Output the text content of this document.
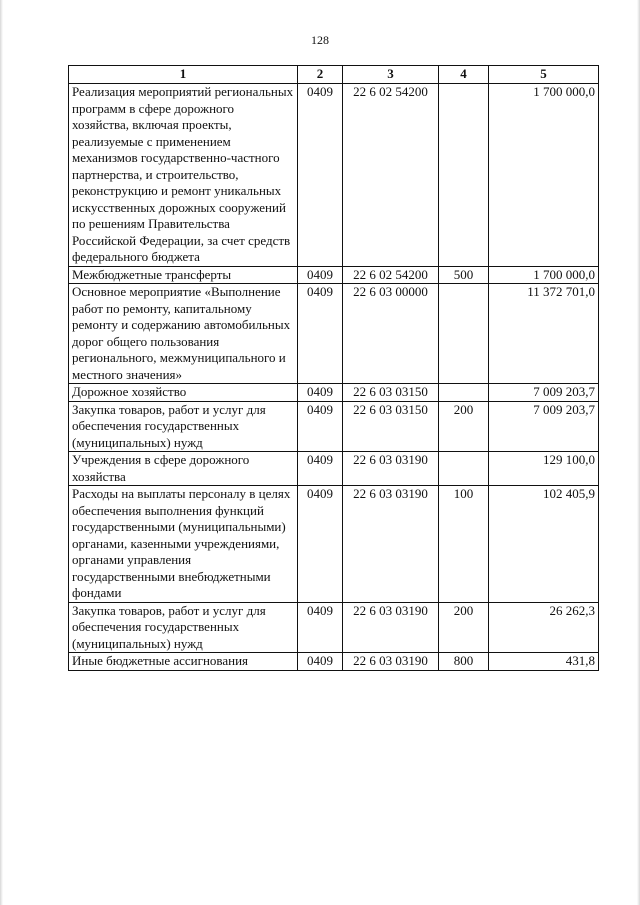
128
1	2	3	4	5
Реализация мероприятий региональных программ в сфере дорожного хозяйства, включая проекты, реализуемые с применением механизмов государственно-частного партнерства, и строительство, реконструкцию и ремонт уникальных искусственных дорожных сооружений по решениям Правительства Российской Федерации, за счет средств федерального бюджета	0409	22 6 02 54200		1 700 000,0
Межбюджетные трансферты	0409	22 6 02 54200	500	1 700 000,0
Основное мероприятие «Выполнение работ по ремонту, капитальному ремонту и содержанию автомобильных дорог общего пользования регионального, межмуниципального и местного значения»	0409	22 6 03 00000		11 372 701,0
Дорожное хозяйство	0409	22 6 03 03150		7 009 203,7
Закупка товаров, работ и услуг для обеспечения государственных (муниципальных) нужд	0409	22 6 03 03150	200	7 009 203,7
Учреждения в сфере дорожного хозяйства	0409	22 6 03 03190		129 100,0
Расходы на выплаты персоналу в целях обеспечения выполнения функций государственными (муниципальными) органами, казенными учреждениями, органами управления государственными внебюджетными фондами	0409	22 6 03 03190	100	102 405,9
Закупка товаров, работ и услуг для обеспечения государственных (муниципальных) нужд	0409	22 6 03 03190	200	26 262,3
Иные бюджетные ассигнования	0409	22 6 03 03190	800	431,8
